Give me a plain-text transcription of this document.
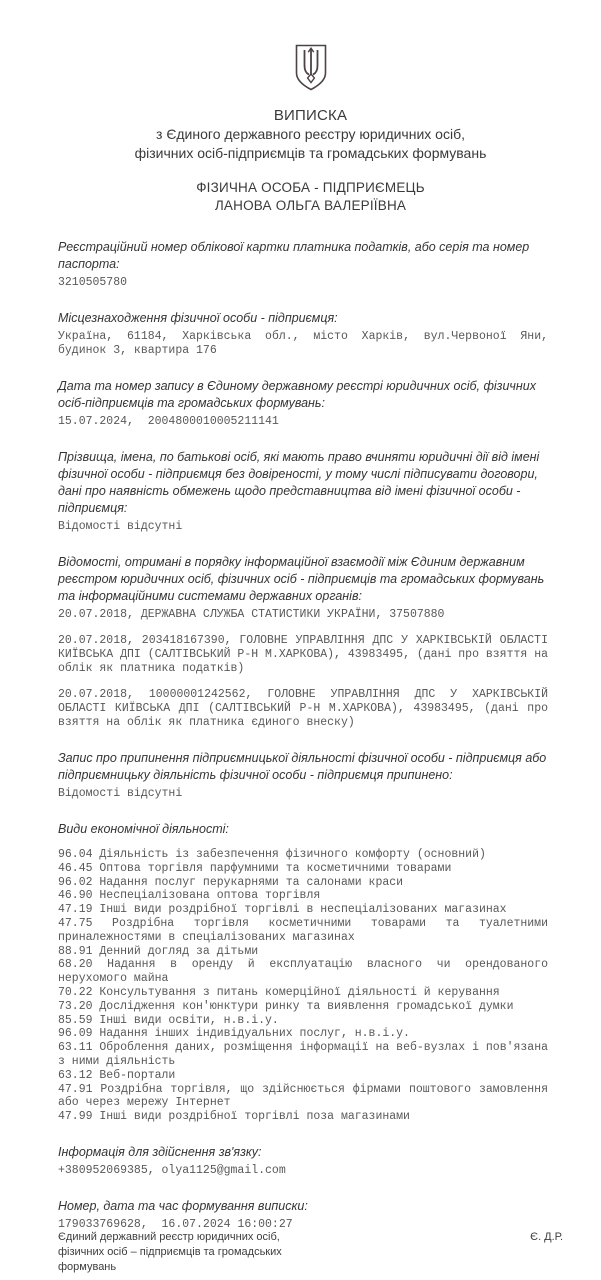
ВИПИСКА
з Єдиного державного реєстру юридичних осіб,
фізичних осіб-підприємців та громадських формувань
ФІЗИЧНА ОСОБА - ПІДПРИЄМЕЦЬ
ЛАНОВА ОЛЬГА ВАЛЕРІЇВНА
Реєстраційний номер облікової картки платника податків, або серія та номер паспорта:

3210505780

Місцезнаходження фізичної особи - підприємця:

Україна, 61184, Харківська обл., місто Харків, вул.Червоної Яни, будинок 3, квартира 176

Дата та номер запису в Єдиному державному реєстрі юридичних осіб, фізичних осіб-підприємців та громадських формувань:

15.07.2024,  2004800010005211141

Прізвища, імена, по батькові осіб, які мають право вчиняти юридичні дії від імені фізичної особи - підприємця без довіреності, у тому числі підписувати договори, дані про наявність обмежень щодо представництва від імені фізичної особи - підприємця:

Відомості відсутні

Відомості, отримані в порядку інформаційної взаємодії між Єдиним державним реєстром юридичних осіб, фізичних осіб - підприємців та громадських формувань та інформаційними системами державних органів:

20.07.2018, ДЕРЖАВНА СЛУЖБА СТАТИСТИКИ УКРАЇНИ, 37507880

20.07.2018, 203418167390, ГОЛОВНЕ УПРАВЛІННЯ ДПС У ХАРКІВСЬКІЙ ОБЛАСТІ КИЇВСЬКА ДПІ (САЛТІВСЬКИЙ Р-Н М.ХАРКОВА), 43983495, (дані про взяття на облік як платника податків)

20.07.2018, 10000001242562, ГОЛОВНЕ УПРАВЛІННЯ ДПС У ХАРКІВСЬКІЙ ОБЛАСТІ КИЇВСЬКА ДПІ (САЛТІВСЬКИЙ Р-Н М.ХАРКОВА), 43983495, (дані про взяття на облік як платника єдиного внеску)

Запис про припинення підприємницької діяльності фізичної особи - підприємця або підприємницьку діяльність фізичної особи - підприємця припинено:

Відомості відсутні

Види економічної діяльності:

96.04 Діяльність із забезпечення фізичного комфорту (основний)

46.45 Оптова торгівля парфумними та косметичними товарами

96.02 Надання послуг перукарнями та салонами краси

46.90 Неспеціалізована оптова торгівля

47.19 Інші види роздрібної торгівлі в неспеціалізованих магазинах

47.75 Роздрібна торгівля косметичними товарами та туалетними приналежностями в спеціалізованих магазинах

88.91 Денний догляд за дітьми

68.20 Надання в оренду й експлуатацію власного чи орендованого нерухомого майна

70.22 Консультування з питань комерційної діяльності й керування

73.20 Дослідження кон'юнктури ринку та виявлення громадської думки

85.59 Інші види освіти, н.в.і.у.

96.09 Надання інших індивідуальних послуг, н.в.і.у.

63.11 Оброблення даних, розміщення інформації на веб-вузлах і пов'язана з ними діяльність

63.12 Веб-портали

47.91 Роздрібна торгівля, що здійснюється фірмами поштового замовлення або через мережу Інтернет

47.99 Інші види роздрібної торгівлі поза магазинами

Інформація для здійснення зв'язку:

+380952069385, olya1125@gmail.com

Номер, дата та час формування виписки:

179033769628,  16.07.2024 16:00:27

Єдиний державний реєстр юридичних осіб, фізичних осіб – підприємців та громадських формувань
Є. Д.Р.
